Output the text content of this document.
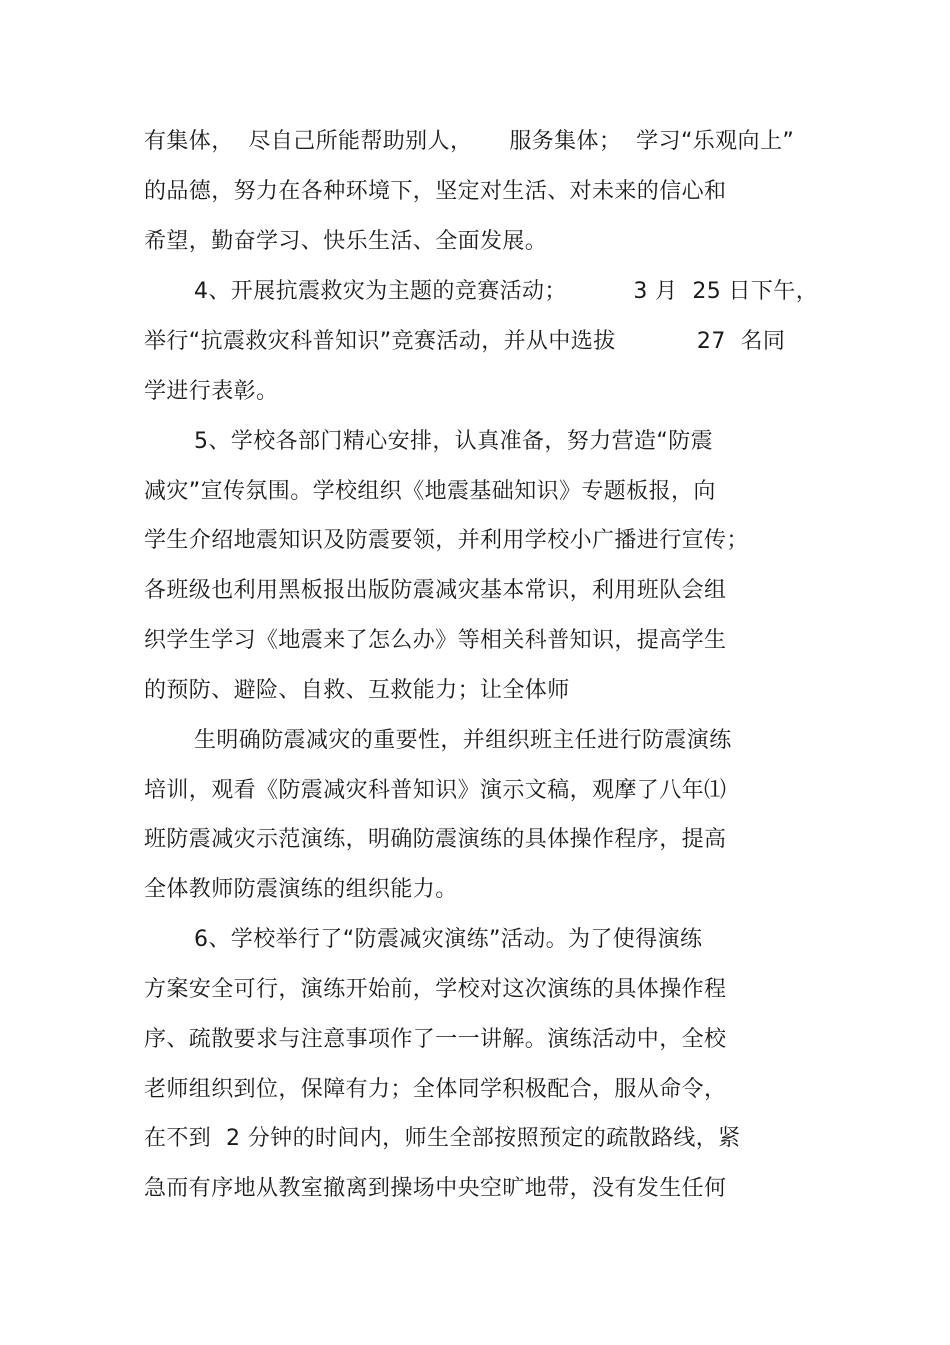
有集体，  尽自己所能帮助别人，     服务集体；  学习“乐观向上”
的品德，努力在各种环境下，坚定对生活、对未来的信心和
希望，勤奋学习、快乐生活、全面发展。
4、开展抗震救灾为主题的竞赛活动；         3 月  25 日下午，
举行“抗震救灾科普知识”竞赛活动，并从中选拔           27  名同
学进行表彰。
5、学校各部门精心安排，认真准备，努力营造“防震
减灾”宣传氛围。学校组织《地震基础知识》专题板报，向
学生介绍地震知识及防震要领，并利用学校小广播进行宣传；
各班级也利用黑板报出版防震减灾基本常识，利用班队会组
织学生学习《地震来了怎么办》等相关科普知识，提高学生
的预防、避险、自救、互救能力；让全体师
生明确防震减灾的重要性，并组织班主任进行防震演练
培训，观看《防震减灾科普知识》演示文稿，观摩了八年⑴
班防震减灾示范演练，明确防震演练的具体操作程序，提高
全体教师防震演练的组织能力。
6、学校举行了“防震减灾演练”活动。为了使得演练
方案安全可行，演练开始前，学校对这次演练的具体操作程
序、疏散要求与注意事项作了一一讲解。演练活动中，全校
老师组织到位，保障有力；全体同学积极配合，服从命令，
在不到  2 分钟的时间内，师生全部按照预定的疏散路线，紧
急而有序地从教室撤离到操场中央空旷地带，没有发生任何
